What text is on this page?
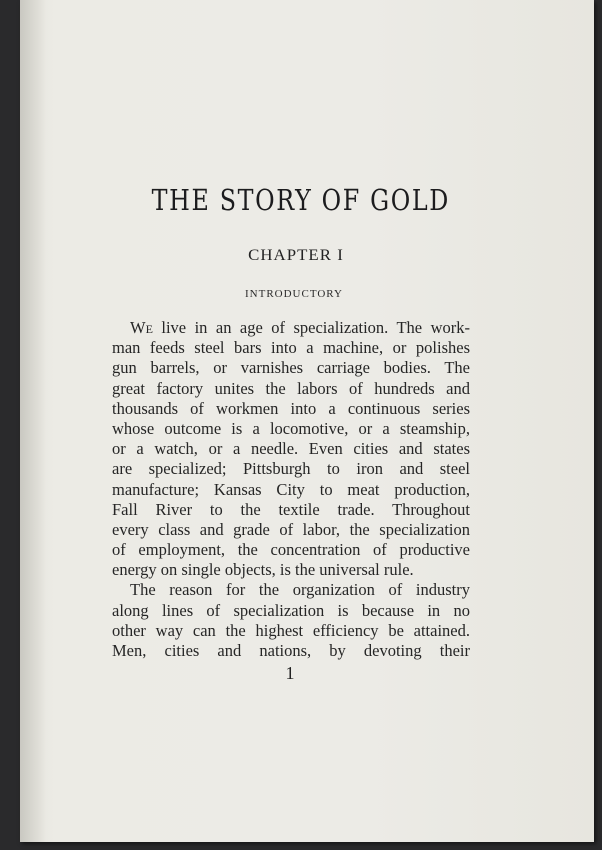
THE STORY OF GOLD
CHAPTER I
INTRODUCTORY
We live in an age of specialization. The work-
man feeds steel bars into a machine, or polishes
gun barrels, or varnishes carriage bodies. The
great factory unites the labors of hundreds and
thousands of workmen into a continuous series
whose outcome is a locomotive, or a steamship,
or a watch, or a needle. Even cities and states
are specialized; Pittsburgh to iron and steel
manufacture; Kansas City to meat production,
Fall River to the textile trade. Throughout
every class and grade of labor, the specialization
of employment, the concentration of productive
energy on single objects, is the universal rule.
The reason for the organization of industry
along lines of specialization is because in no
other way can the highest efficiency be attained.
Men, cities and nations, by devoting their
1
